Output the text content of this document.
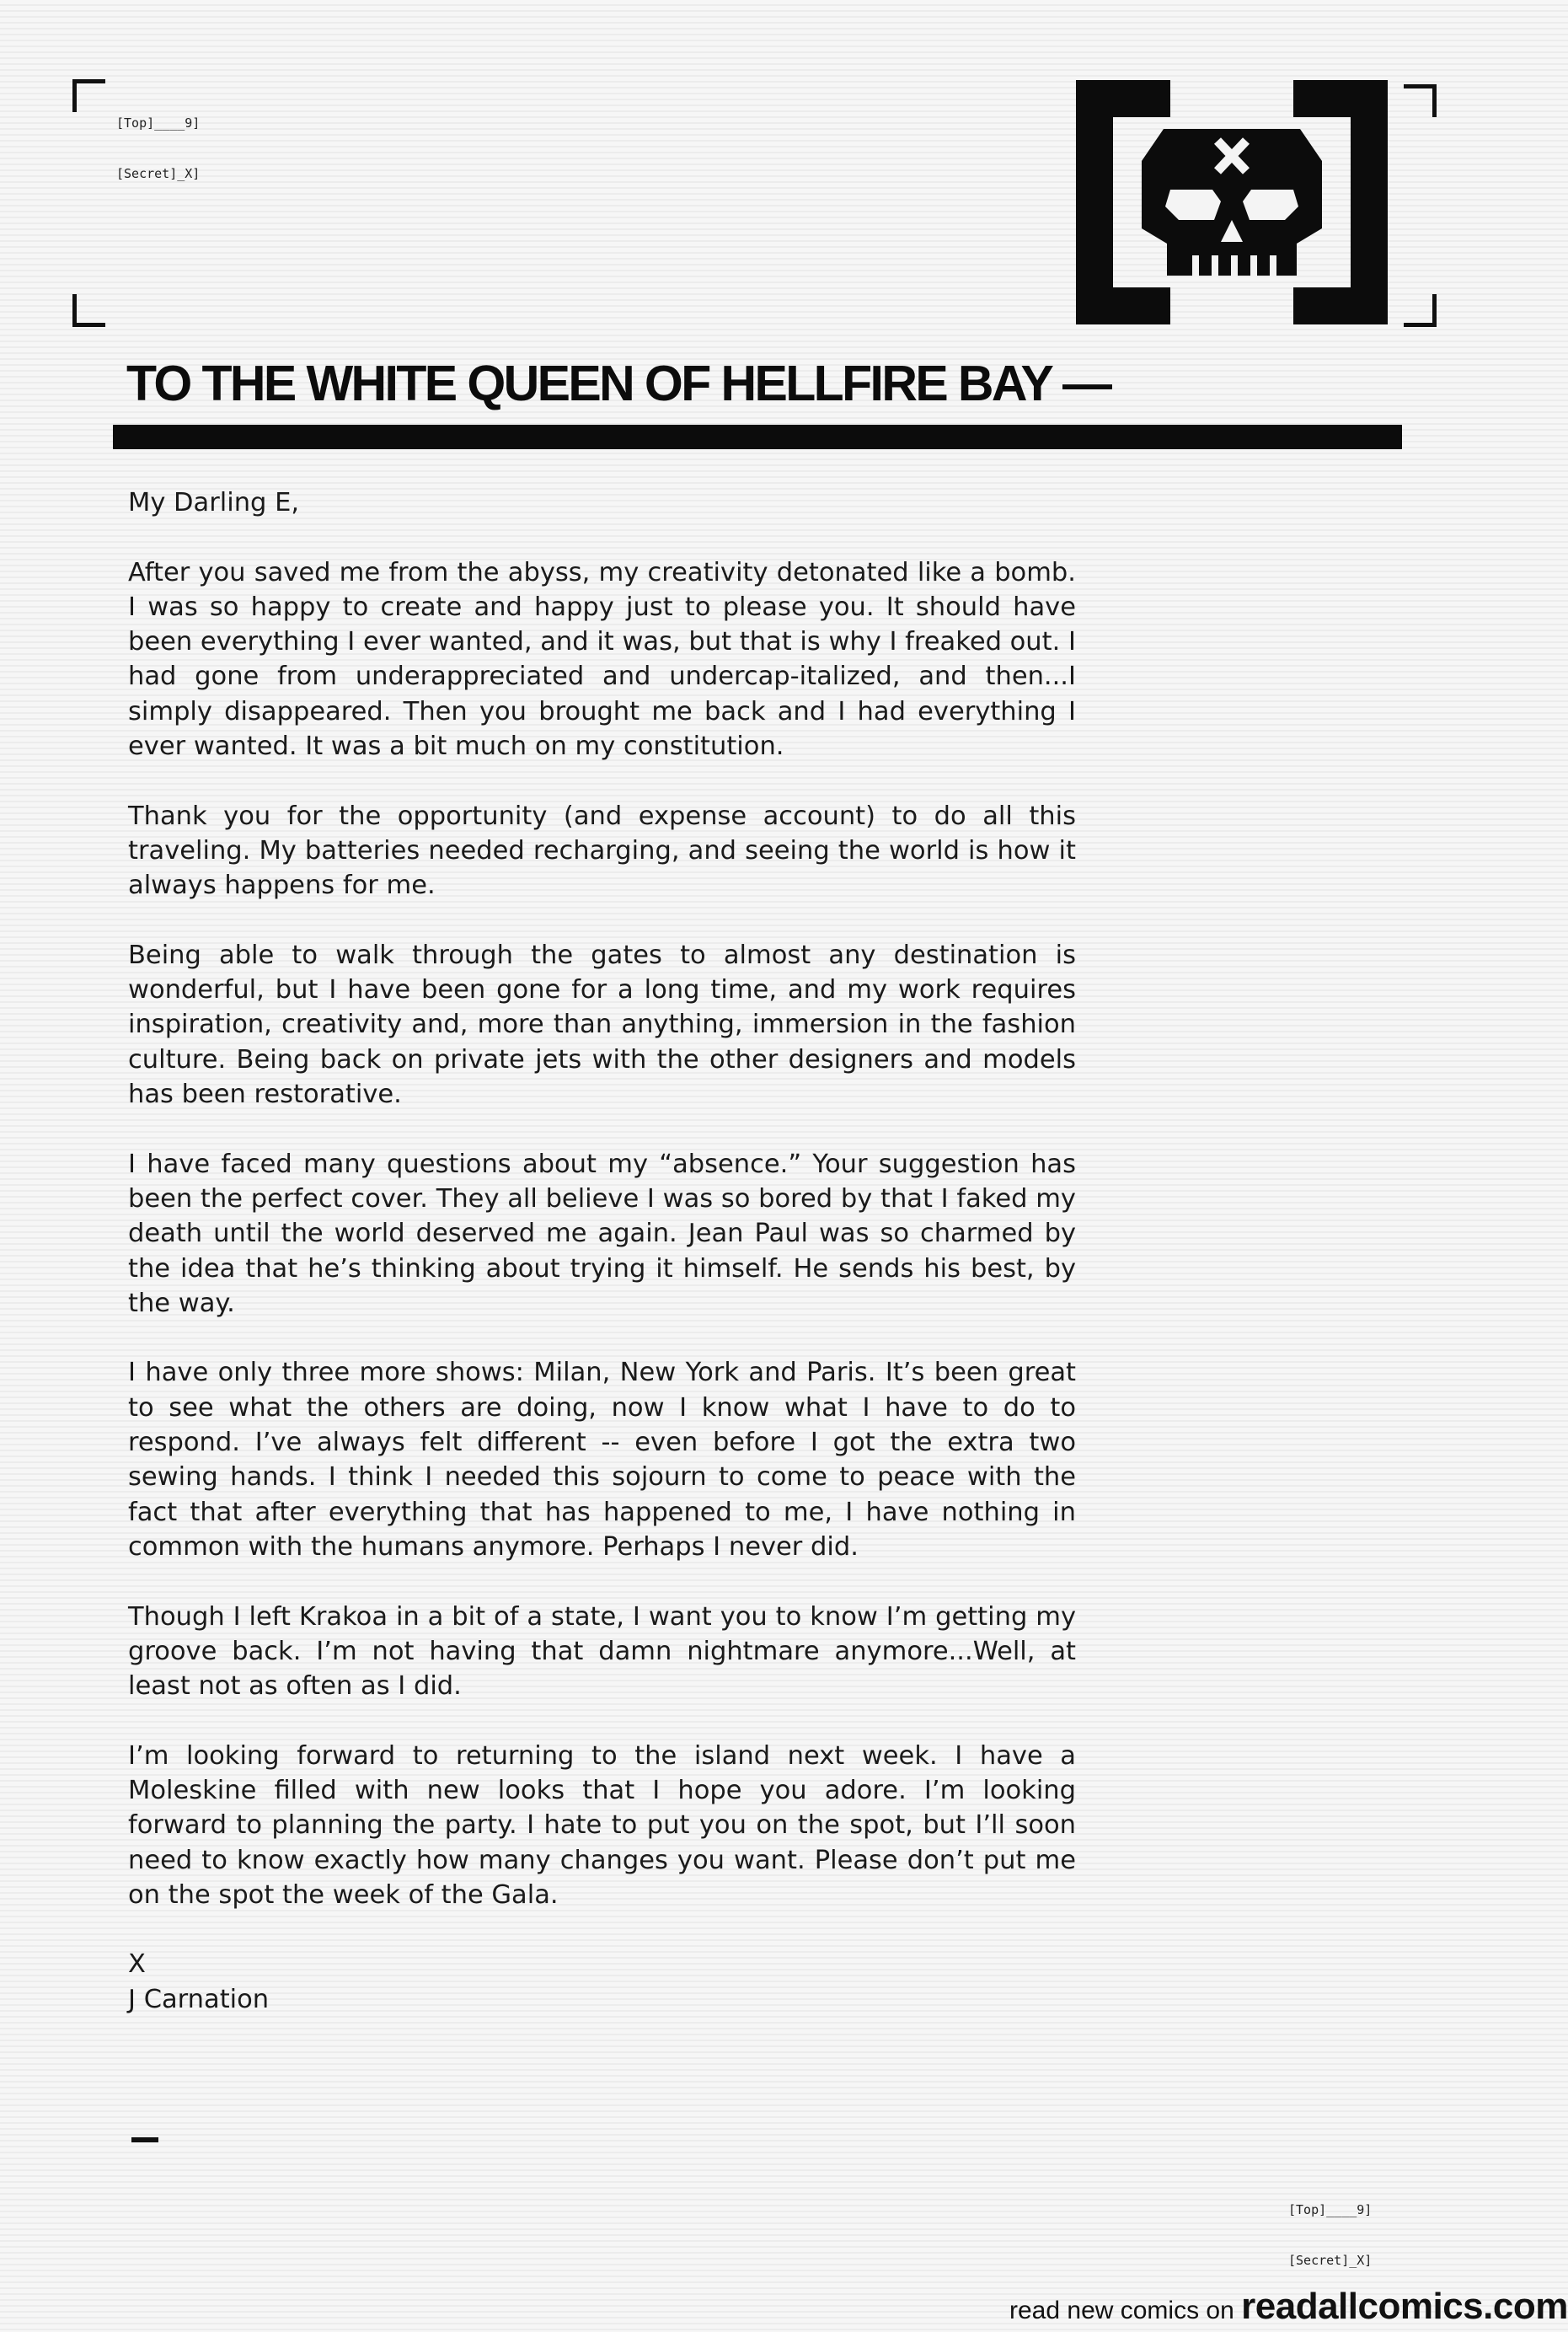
[Top]____9]

[Secret]_X]

TO THE WHITE QUEEN OF HELLFIRE BAY —

My Darling E,

After you saved me from the abyss, my creativity detonated like a bomb. I was so happy to create and happy just to please you. It should have been everything I ever wanted, and it was, but that is why I freaked out. I had gone from underappreciated and undercap-italized, and then...I simply disappeared. Then you brought me back and I had everything I ever wanted. It was a bit much on my constitution.

Thank you for the opportunity (and expense account) to do all this traveling. My batteries needed recharging, and seeing the world is how it always happens for me.

Being able to walk through the gates to almost any destination is wonderful, but I have been gone for a long time, and my work requires inspiration, creativity and, more than anything, immersion in the fashion culture. Being back on private jets with the other designers and models has been restorative.

I have faced many questions about my “absence.” Your suggestion has been the perfect cover. They all believe I was so bored by that I faked my death until the world deserved me again. Jean Paul was so charmed by the idea that he’s thinking about trying it himself. He sends his best, by the way.

I have only three more shows: Milan, New York and Paris. It’s been great to see what the others are doing, now I know what I have to do to respond. I’ve always felt different -- even before I got the extra two sewing hands. I think I needed this sojourn to come to peace with the fact that after everything that has happened to me, I have nothing in common with the humans anymore. Perhaps I never did.

Though I left Krakoa in a bit of a state, I want you to know I’m getting my groove back. I’m not having that damn nightmare anymore...Well, at least not as often as I did.

I’m looking forward to returning to the island next week. I have a Moleskine filled with new looks that I hope you adore. I’m looking forward to planning the party. I hate to put you on the spot, but I’ll soon need to know exactly how many changes you want. Please don’t put me on the spot the week of the Gala.

X
J Carnation

[Top]____9]

[Secret]_X]

read new comics on readallcomics.com
